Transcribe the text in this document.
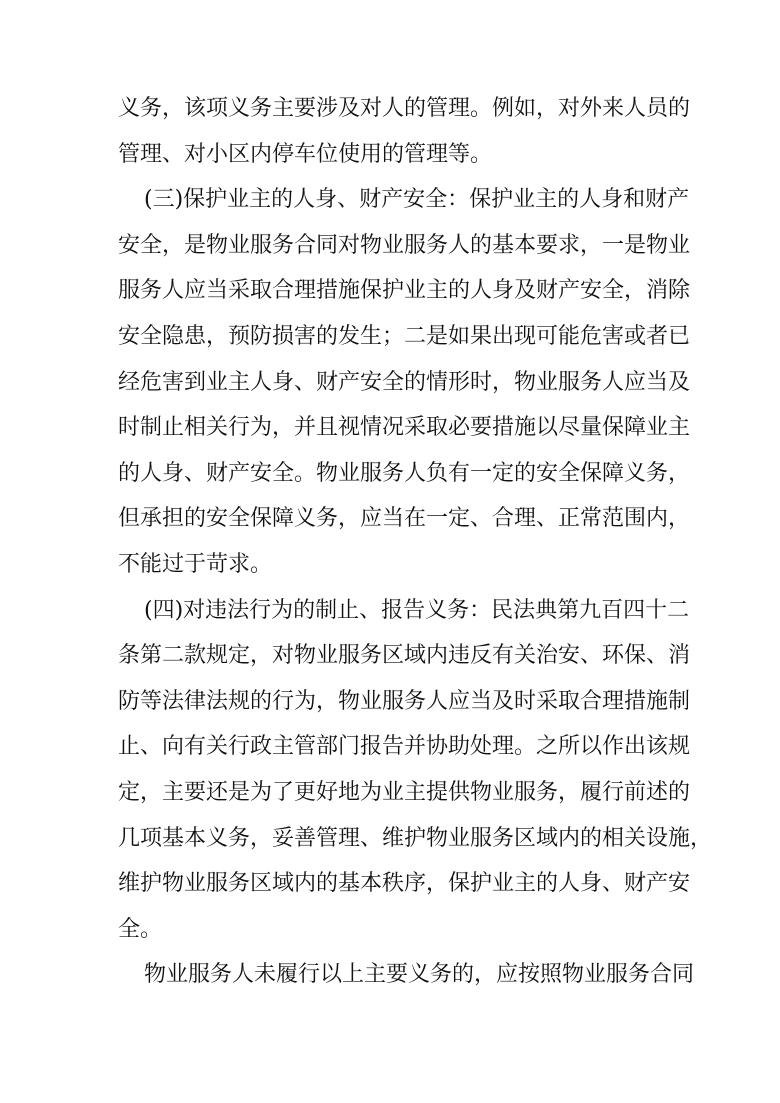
义务，该项义务主要涉及对人的管理。例如，对外来人员的
管理、对小区内停车位使用的管理等。
(三)保护业主的人身、财产安全：保护业主的人身和财产
安全，是物业服务合同对物业服务人的基本要求，一是物业
服务人应当采取合理措施保护业主的人身及财产安全，消除
安全隐患，预防损害的发生；二是如果出现可能危害或者已
经危害到业主人身、财产安全的情形时，物业服务人应当及
时制止相关行为，并且视情况采取必要措施以尽量保障业主
的人身、财产安全。物业服务人负有一定的安全保障义务，
但承担的安全保障义务，应当在一定、合理、正常范围内，
不能过于苛求。
(四)对违法行为的制止、报告义务：民法典第九百四十二
条第二款规定，对物业服务区域内违反有关治安、环保、消
防等法律法规的行为，物业服务人应当及时采取合理措施制
止、向有关行政主管部门报告并协助处理。之所以作出该规
定，主要还是为了更好地为业主提供物业服务，履行前述的
几项基本义务，妥善管理、维护物业服务区域内的相关设施，
维护物业服务区域内的基本秩序，保护业主的人身、财产安
全。
物业服务人未履行以上主要义务的，应按照物业服务合同
